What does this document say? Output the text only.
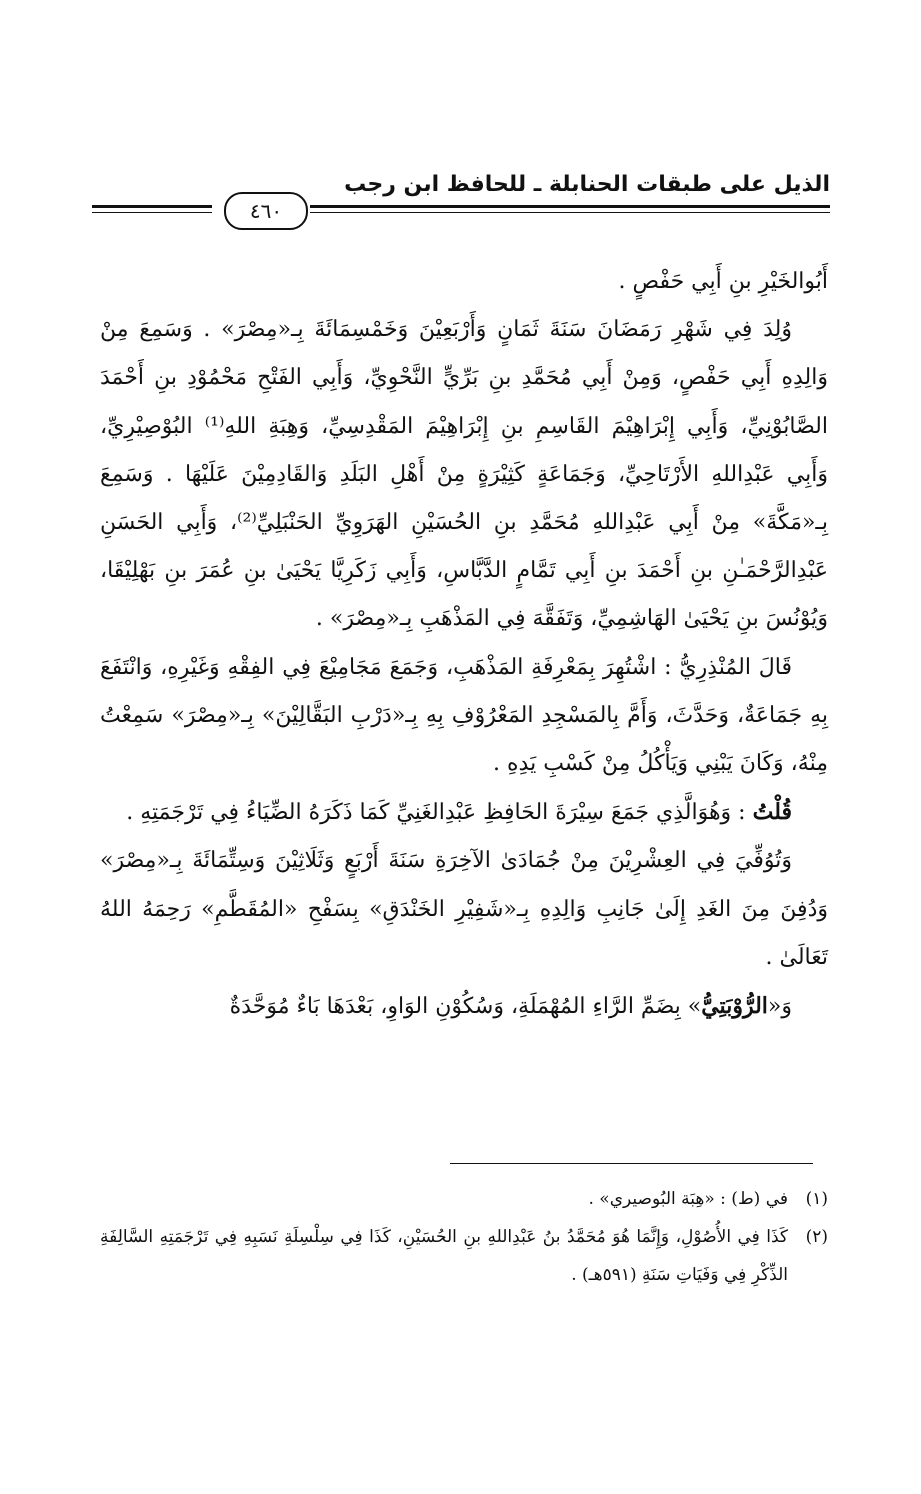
الذيل على طبقات الحنابلة ـ للحافظ ابن رجب
٤٦٠

أَبُوالخَيْرِ بنِ أَبِي حَفْصٍ .

وُلِدَ فِي شَهْرِ رَمَضَانَ سَنَةَ ثَمَانٍ وَأَرْبَعِيْنَ وَخَمْسِمَائَةَ بِـ«مِصْرَ» . وَسَمِعَ مِنْ وَالِدِهِ أَبِي حَفْصٍ، وَمِنْ أَبِي مُحَمَّدِ بنِ بَرِّيٍّ النَّحْوِيِّ، وَأَبِي الفَتْحِ مَحْمُوْدِ بنِ أَحْمَدَ الصَّابُوْنِيِّ، وَأَبِي إِبْرَاهِيْمَ القَاسِمِ بنِ إِبْرَاهِيْمَ المَقْدِسِيِّ، وَهِبَةِ اللهِ⁽¹⁾ البُوْصِيْرِيِّ، وَأَبِي عَبْدِاللهِ الأَرْتَاحِيِّ، وَجَمَاعَةٍ كَثِيْرَةٍ مِنْ أَهْلِ البَلَدِ وَالقَادِمِيْنَ عَلَيْهَا . وَسَمِعَ بِـ«مَكَّةَ» مِنْ أَبِي عَبْدِاللهِ مُحَمَّدِ بنِ الحُسَيْنِ الهَرَوِيِّ الحَنْبَلِيِّ⁽²⁾، وَأَبِي الحَسَنِ عَبْدِالرَّحْمَـٰنِ بنِ أَحْمَدَ بنِ أَبِي تَمَّامٍ الدَّبَّاسِ، وَأَبِي زَكَرِيَّا يَحْيَىٰ بنِ عُمَرَ بنِ بَهْلِيْقَا، وَيُوْنُسَ بنِ يَحْيَىٰ الهَاشِمِيِّ، وَتَفَقَّهَ فِي المَذْهَبِ بِـ«مِصْرَ» .

قَالَ المُنْذِرِيُّ : اشْتُهِرَ بِمَعْرِفَةِ المَذْهَبِ، وَجَمَعَ مَجَامِيْعَ فِي الفِقْهِ وَغَيْرِهِ، وَانْتَفَعَ بِهِ جَمَاعَةٌ، وَحَدَّثَ، وَأَمَّ بِالمَسْجِدِ المَعْرُوْفِ بِهِ بِـ«دَرْبِ البَقَّالِيْنَ» بِـ«مِصْرَ» سَمِعْتُ مِنْهُ، وَكَانَ يَبْنِي وَيَأْكُلُ مِنْ كَسْبِ يَدِهِ .

قُلْتُ : وَهُوَالَّذِي جَمَعَ سِيْرَةَ الحَافِظِ عَبْدِالغَنِيِّ كَمَا ذَكَرَهُ الضِّيَاءُ فِي تَرْجَمَتِهِ .

وَتُوُفِّيَ فِي العِشْرِيْنَ مِنْ جُمَادَىٰ الآخِرَةِ سَنَةَ أَرْبَعٍ وَثَلَاثِيْنَ وَسِتِّمَائَةَ بِـ«مِصْرَ» وَدُفِنَ مِنَ الغَدِ إِلَىٰ جَانِبِ وَالِدِهِ بِـ«شَفِيْرِ الخَنْدَقِ» بِسَفْحِ «المُقَطَّمِ» رَحِمَهُ اللهُ تَعَالَىٰ .

وَ«الرُّوْبَتِيُّ» بِضَمِّ الرَّاءِ المُهْمَلَةِ، وَسُكُوْنِ الوَاوِ، بَعْدَهَا بَاءٌ مُوَحَّدَةٌ

(١)
في (ط) : «هِبَة البُوصيري» .
(٢)
كَذَا فِي الأُصُوْلِ، وَإِنَّمَا هُوَ مُحَمَّدُ بنُ عَبْدِاللهِ بنِ الحُسَيْنِ، كَذَا فِي سِلْسِلَةِ نَسَبِهِ فِي تَرْجَمَتِهِ السَّالِفَةِ الذِّكْرِ فِي وَفَيَاتِ سَنَةِ (٥٩١هـ) .
